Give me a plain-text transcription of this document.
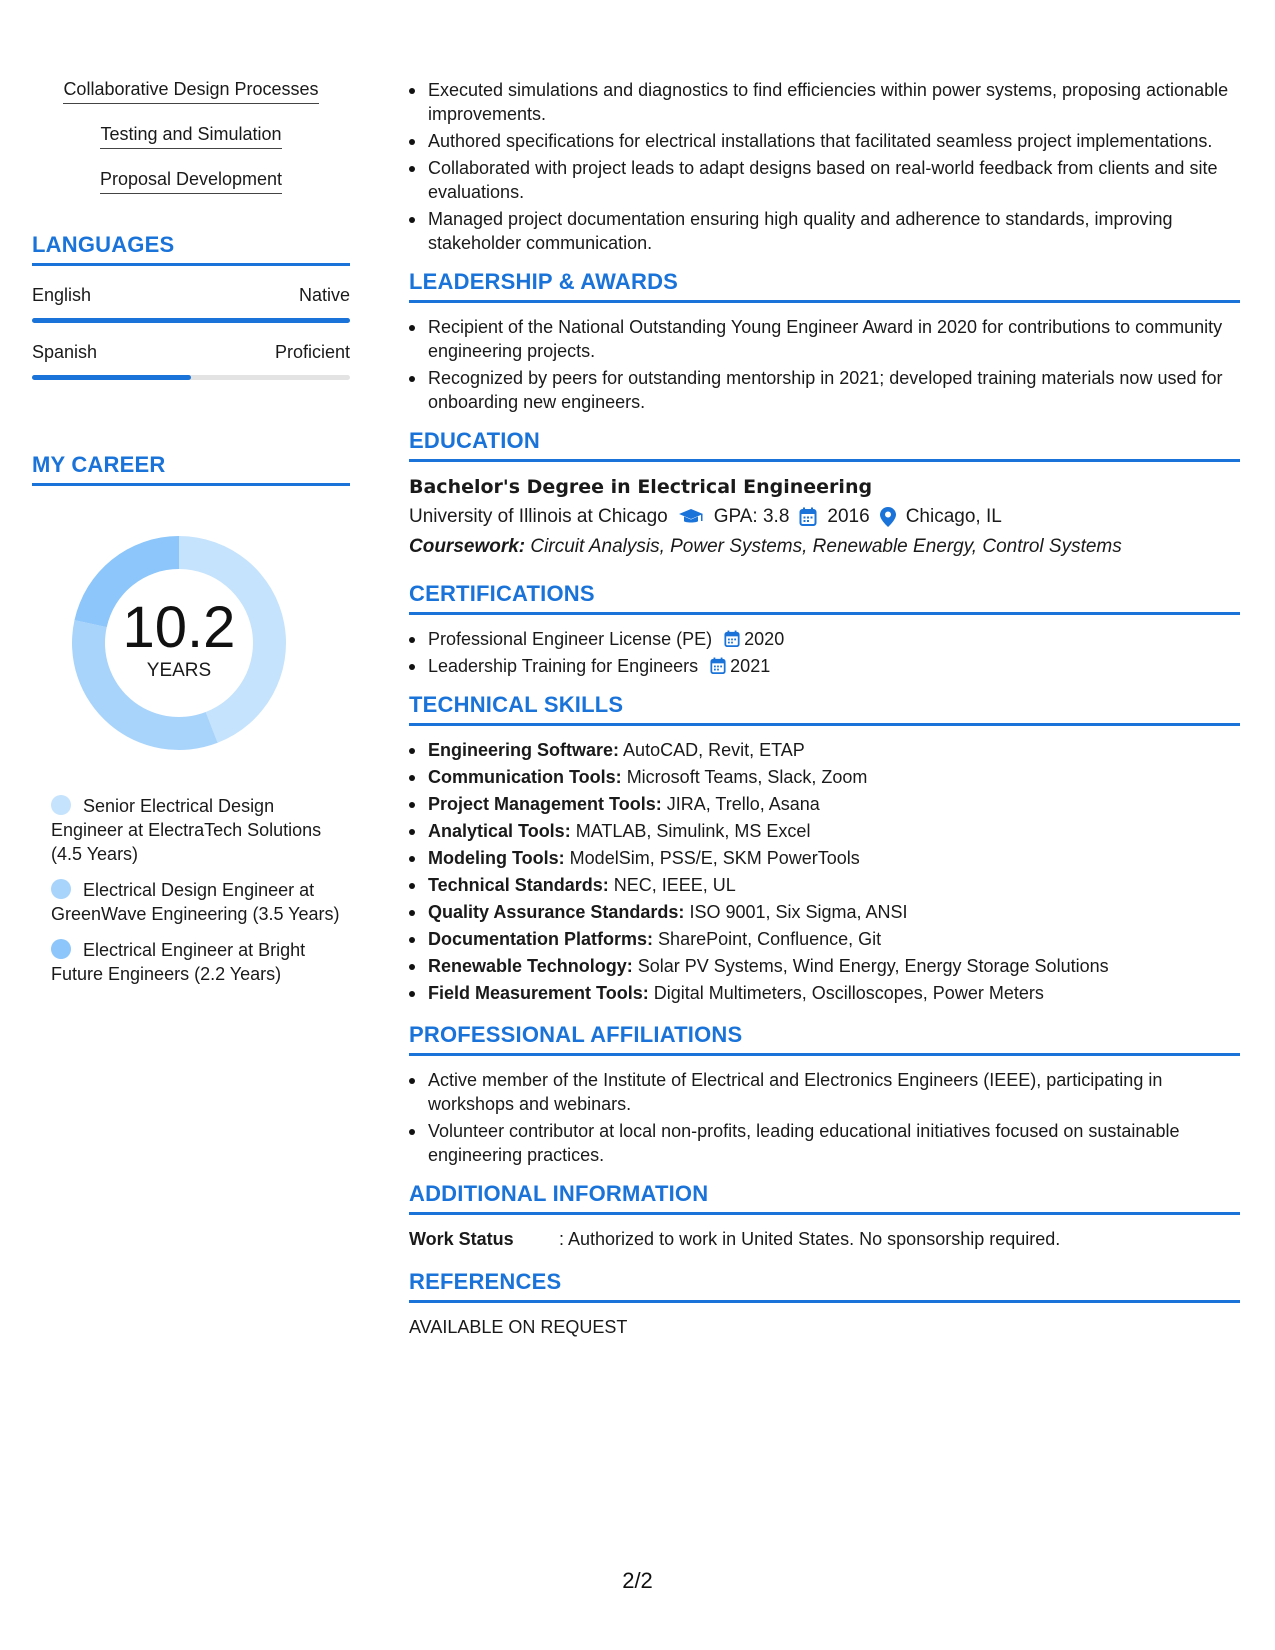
Collaborative Design Processes
Testing and Simulation
Proposal Development
LANGUAGES
English	Native
Spanish	Proficient
MY CAREER
10.2
YEARS
Senior Electrical Design Engineer at ElectraTech Solutions (4.5 Years)
Electrical Design Engineer at GreenWave Engineering (3.5 Years)
Electrical Engineer at Bright Future Engineers (2.2 Years)
Executed simulations and diagnostics to find efficiencies within power systems, proposing actionable improvements.
Authored specifications for electrical installations that facilitated seamless project implementations.
Collaborated with project leads to adapt designs based on real-world feedback from clients and site evaluations.
Managed project documentation ensuring high quality and adherence to standards, improving stakeholder communication.
LEADERSHIP & AWARDS
Recipient of the National Outstanding Young Engineer Award in 2020 for contributions to community engineering projects.
Recognized by peers for outstanding mentorship in 2021; developed training materials now used for onboarding new engineers.
EDUCATION
Bachelor's Degree in Electrical Engineering
University of Illinois at Chicago GPA: 3.8 2016 Chicago, IL
Coursework: Circuit Analysis, Power Systems, Renewable Energy, Control Systems
CERTIFICATIONS
Professional Engineer License (PE) 2020
Leadership Training for Engineers 2021
TECHNICAL SKILLS
Engineering Software: AutoCAD, Revit, ETAP
Communication Tools: Microsoft Teams, Slack, Zoom
Project Management Tools: JIRA, Trello, Asana
Analytical Tools: MATLAB, Simulink, MS Excel
Modeling Tools: ModelSim, PSS/E, SKM PowerTools
Technical Standards: NEC, IEEE, UL
Quality Assurance Standards: ISO 9001, Six Sigma, ANSI
Documentation Platforms: SharePoint, Confluence, Git
Renewable Technology: Solar PV Systems, Wind Energy, Energy Storage Solutions
Field Measurement Tools: Digital Multimeters, Oscilloscopes, Power Meters
PROFESSIONAL AFFILIATIONS
Active member of the Institute of Electrical and Electronics Engineers (IEEE), participating in workshops and webinars.
Volunteer contributor at local non-profits, leading educational initiatives focused on sustainable engineering practices.
ADDITIONAL INFORMATION
Work Status	: Authorized to work in United States. No sponsorship required.
REFERENCES
AVAILABLE ON REQUEST
2/2
